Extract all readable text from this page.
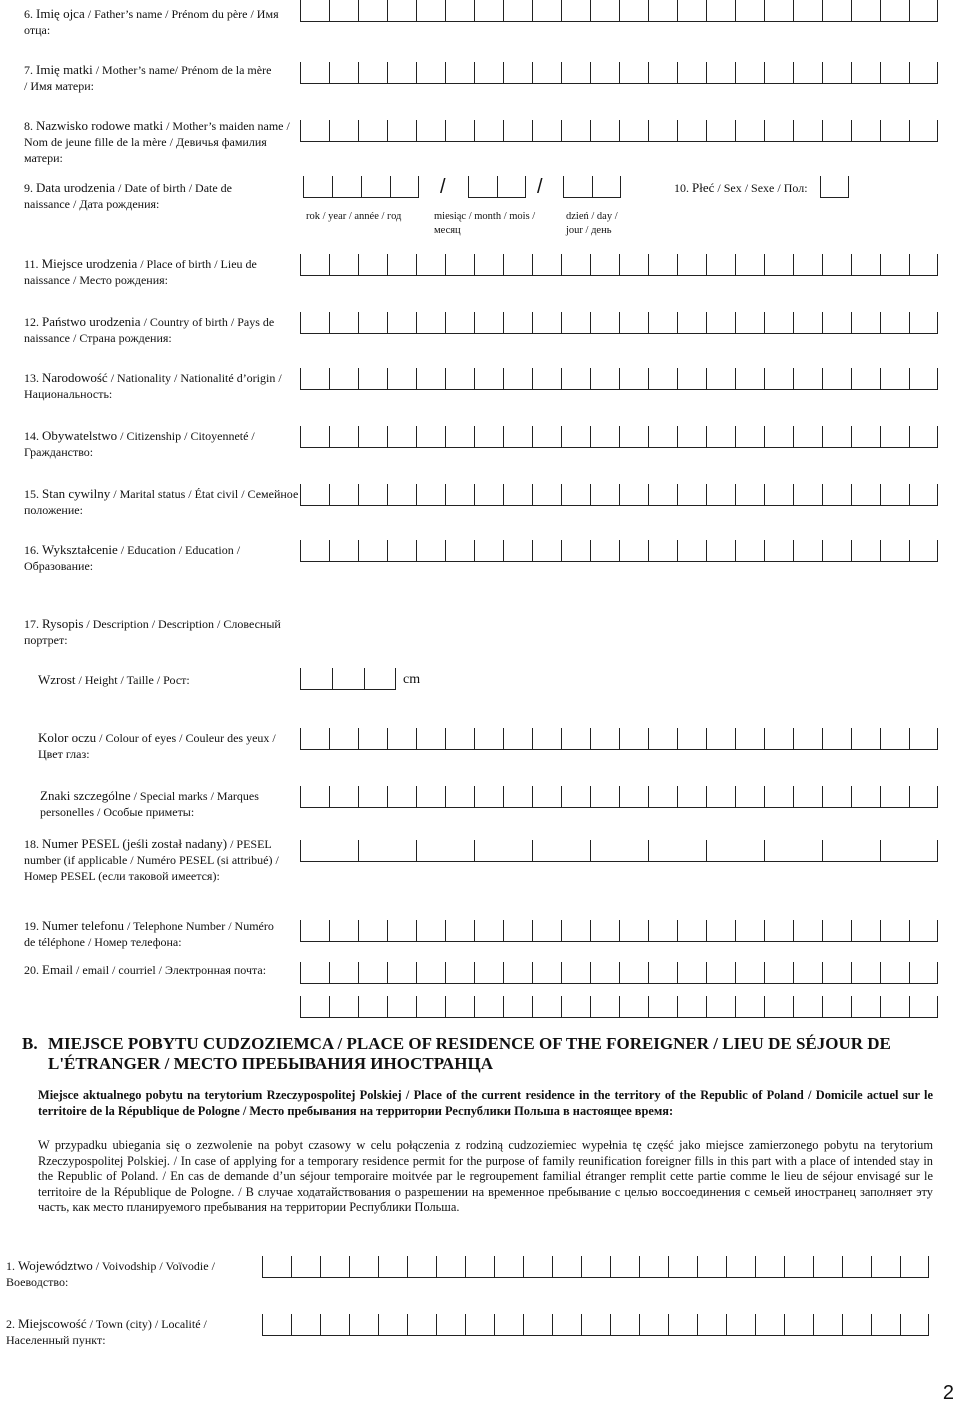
6. Imię ojca / Father’s name / Prénom du père / Имя отца:
7. Imię matki / Mother’s name/ Prénom de la mère / Имя матери:
8. Nazwisko rodowe matki / Mother’s maiden name / Nom de jeune fille de la mère / Девичья фамилия матери:
9. Data urodzenia / Date of birth / Date de naissance / Дата рождения:
/	/
rok / year / année / год	miesiąc / month / mois / месяц
dzień / day / jour / день
10. Płeć / Sex / Sexe / Пол:
11. Miejsce urodzenia / Place of birth / Lieu de naissance / Место рождения:
12. Państwo urodzenia / Country of birth / Pays de naissance / Страна рождения:
13. Narodowość / Nationality / Nationalité d’origin / Национальность:
14. Obywatelstwo / Citizenship / Citoyenneté / Гражданство:
15. Stan cywilny / Marital status / État civil / Семейное положение:
16. Wykształcenie / Education / Education / Образование:
17. Rysopis / Description / Description / Словесный портрет:
Wzrost / Height / Taille / Рост:	cm
Kolor oczu / Colour of eyes / Couleur des yeux / Цвет глаз:
Znaki szczególne / Special marks / Marques personelles / Особые приметы:
18. Numer PESEL (jeśli został nadany) / PESEL number (if applicable / Numéro PESEL (si attribué) / Номер PESEL (если таковой имеется):
19. Numer telefonu / Telephone Number / Numéro de téléphone / Номер телефона:
20. Email / email / courriel / Электронная почта:
B. MIEJSCE POBYTU CUDZOZIEMCA / PLACE OF RESIDENCE OF THE FOREIGNER / LIEU DE SÉJOUR DE L'ÉTRANGER / МЕСТО ПРЕБЫВАНИЯ ИНОСТРАНЦА
Miejsce aktualnego pobytu na terytorium Rzeczypospolitej Polskiej / Place of the current residence in the territory of the Republic of Poland / Domicile actuel sur le territoire de la République de Pologne / Место пребывания на территории Республики Польша в настоящее время:
W przypadku ubiegania się o zezwolenie na pobyt czasowy w celu połączenia z rodziną cudzoziemiec wypełnia tę część jako miejsce zamierzonego pobytu na terytorium Rzeczypospolitej Polskiej. / In case of applying for a temporary residence permit for the purpose of family reunification foreigner fills in this part with a place of intended stay in the Republic of Poland. / En cas de demande d’un séjour temporaire moitvée par le regroupement familial étranger remplit cette partie comme le lieu de séjour envisagé sur le territoire de la République de Pologne. / В случае ходатайствования о разрешении на временное пребывание с целью воссоединения с семьей иностранец заполняет эту часть, как место планируемого пребывания на территории Республики Польша.
1. Województwo / Voivodship / Voïvodie / Воеводство:
2. Miejscowość / Town (city) / Localité / Населенный пункт:
2
